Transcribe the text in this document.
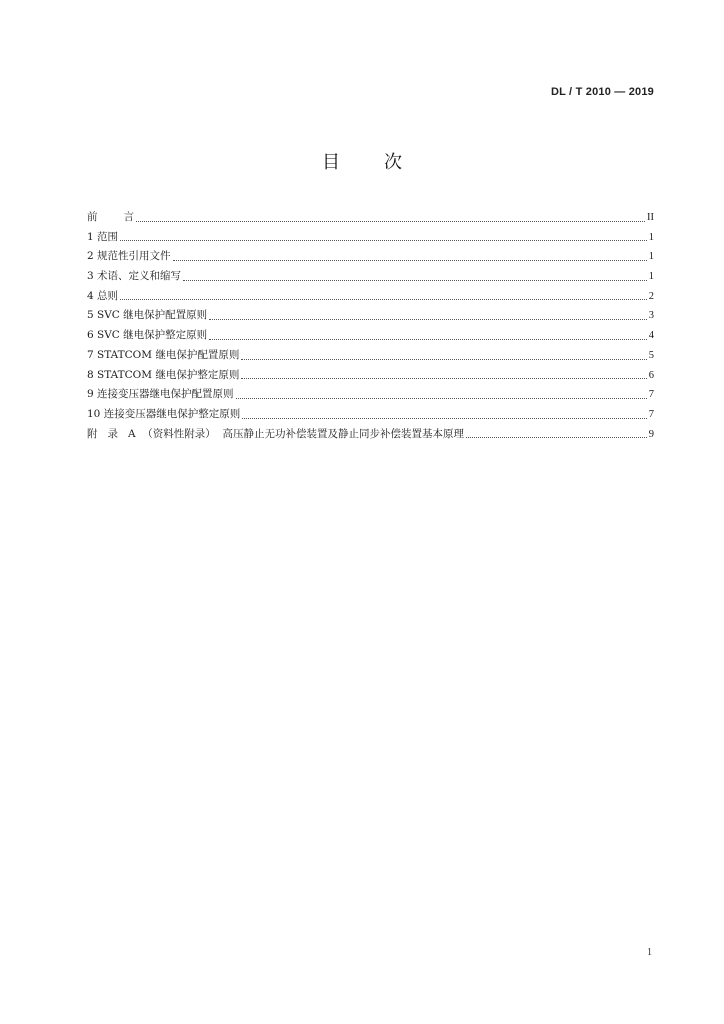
DL / T 2010 — 2019
目 次
前 言	II
1 范围	1
2 规范性引用文件	1
3 术语、定义和缩写	1
4 总则	2
5 SVC 继电保护配置原则	3
6 SVC 继电保护整定原则	4
7 STATCOM 继电保护配置原则	5
8 STATCOM 继电保护整定原则	6
9 连接变压器继电保护配置原则	7
10 连接变压器继电保护整定原则	7
附   录   A  （资料性附录）  高压静止无功补偿装置及静止同步补偿装置基本原理	9
1
